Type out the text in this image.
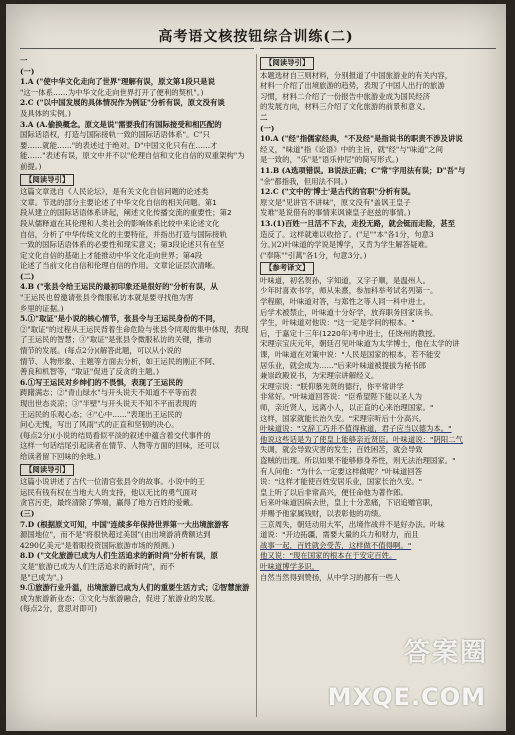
高考语文核按钮综合训练(二)
一
(一)
1.A ("使中华文化走向了世界"理解有误，原文第1段只是说
"这一体系……为中华文化走向世界打开了便利的契机"。)
2.C ("以中国发展的具体情况作为例证"分析有误，原文没有谈
及具体的实例。)
3.A (A.偷换概念。原文是说"需要我们有国际接受和相匹配的
国际话语权，打造与国际接轨一致的国际话语体系"。C"只
要……就能……"的表述过于绝对。D"中国文化只有在……才
能……"表述有误，原文中并不以"伦理自信和文化自信的双重架构"为
前提。)
【阅读导引】
这篇文章选自《人民论坛》，是有关文化自信问题的论述类
文章。节选的部分主要论述了中华文化自信的相关问题。第1
段从建立的国际话语体系讲起，阐述文化传播交流的重要性；第2
段从儒释道在其伦理和人类社会的影响体系比较中来论述文化
自信，分析了中华传统文化的主要特征，并指出打造与国际接轨
一致的国际话语体系的必要性和现实意义；第3段论述只有在坚
定文化自信的基础上才能推动中华文化走向世界；第4段
论述了当前文化自信和伦理自信的作用。文章论证层次清晰。
(二)
4.B ("张县令给王运民的最初印象还是很好的"分析有误，从
"王运民也曾邀请张县令微服私访本就是要寻找他为害
乡里的证据。)
5.①"取证"是小说的核心情节，张县令与王运民身份的不同，
②"取证"的过程从王运民背着生命危险与张县令同观的集中体现，表现
了王运民的智慧；③"取证"是张县令微服私访的关键，推动
情节的发展。(每点2分)(解答此题，可以从小说的
情节、人物形象、主题等方面去分析，如王运民的刚正不阿、
善良和机智等，"取证"促进了反贪的主题。)
6.①写王运民对乡绅们的不畏惧，表现了王运民的
踌躇满志；②"青山绿水"与开头说天不知道不平等而表
现出世态炎凉；③"半壁"与开头说天不知不平而表现的
王运民的乐观心态；④"心中……"表现出王运民的
问心无愧，写出了风雨"式的正直和坚韧的决心。
(每点2分)(小说的结局看似平淡的叙述中蕴含着交代事件的
这样一句话结尾引起读者在情节、人物等方面的回味，还可以
给读者留下回味的余地。)
【阅读导引】
这篇小说讲述了古代一位清官张县令的故事。小说中的王
运民有钱有权在当地大人的支持，他以无比的勇气面对
贪官污吏，最终清除了弊端，赢得了地方百姓的爱戴。
(三)
7.D (根据原文可知，中国"连续多年保持世界第一大出境旅游客
源国地位"，而不是"将很快超过美国"(由出境游消费额达到
4290亿美元"是着眼投资国际旅游市场的预测。)
8.D ("文化旅游已成为人们生活追求的新时尚"分析有误，原
文是"旅游已成为人们生活追求的新时尚"，而不
是"已成为"。)
9.①旅游行业升温，出境旅游已成为人们的重要生活方式；②智慧旅游
成为旅游新业态；③文化与旅游融合，促进了旅游业的发展。
(每点2分，意思对即可)
【阅读导引】
本题选材自三则材料，分别报道了中国旅游业的有关内容，
材料一介绍了出境旅游的趋势，表现了中国人出行的旅游
习惯，材料二介绍了一份报告中旅游业成为国民经济
的发展方向，材料三介绍了文化旅游的前景和意义。
二
(一)
10.A ("经"指儒家经典，"不及经"是指说书的职责不涉及讲说
经义，"味道"指《论语》中的主旨，就"经"与"味道"之间
是一致的，"乐"是"语乐仲尼"的简写形式。)
11.B (A选项错误。B说法正确；C"常"字用法有误；D"吾"与
"余"都指我，但用法不同。)
12.C ("文中的'博士'是古代的官职"分析有误。
原文是"见讲官不讲味"，原文没有"盖讽王皇子
发难"是说借有的事情来讽谏皇子赵兹的事情。)
13.(1)百姓一旦活不下去，走投无路，就会铤而走险，甚至
造反了。这样就难以收拾了。("足""本"各1分，句意3
分。)(2)叶味道的学说是博学，又肯为学生解答疑难。
("奉陈""引萬"各1分，句意3分。)
【参考译文】
叶味道，初名贺孙，字知道，又字子顺，是温州人。
少年时喜欢书学，师从朱熹，参加科举考试名列第一。
学程颐，叶味道对答，与郑性之等人同一科中进士。
后学术被禁止，叶味道十分好学，放弃职务回家读书。
学生，叶味道对他说："这一定是学问的根本。"
后，于嘉定十三年(1220年)考中进士，任饶州的教授。
宋理宗宝庆元年，朝廷召见叶味道为太学博士，他在太学的讲
课，叶味道在对策中说："人民是国家的根本，若不能安
居乐业，就会成为……"后来叶味道被提拔为秘书郎
兼崇政殿说书，为宋理宗讲解经义。
宋理宗说："朕仰慕先贤的德行，你平常讲学
非常好。"叶味道回答说："臣希望陛下能以圣人为
师，亲近贤人，远离小人，以正直的心来治理国家。"
这样，国家就能长治久安。"宋理宗听后十分高兴。
叶味道说："文辞工巧并不值得称道，君子应当以德为本。"
他说这些话是为了使皇上能够亲近贤臣。叶味道说："阴阳二气
失调，就会导致灾害的发生；百姓困苦，就会导致
盗贼的出现。所以如果不能够修身养性，则无法治理国家。"
有人问他："为什么一定要这样做呢？"叶味道回答
说："这样才能使百姓安居乐业，国家长治久安。"
皇上听了以后非常高兴，便任命他为著作郎。
后来叶味道因病去世，皇上十分悲痛，下诏追赠官职，
并赐予他家属钱财，以表彰他的功绩。
三京周失，朝廷动用大军，出境作战并不是好办法。叶味
道说："开边拓疆，需要大量的兵力和财力，而且
战事一起，百姓就会受苦，这样做不值得啊。"
他又说："现在国家的根本在于安定百姓。
叶味道博学多识，
自然当然得到赞扬，从中学习的都有一些人
答案圈
MXQE.COM
